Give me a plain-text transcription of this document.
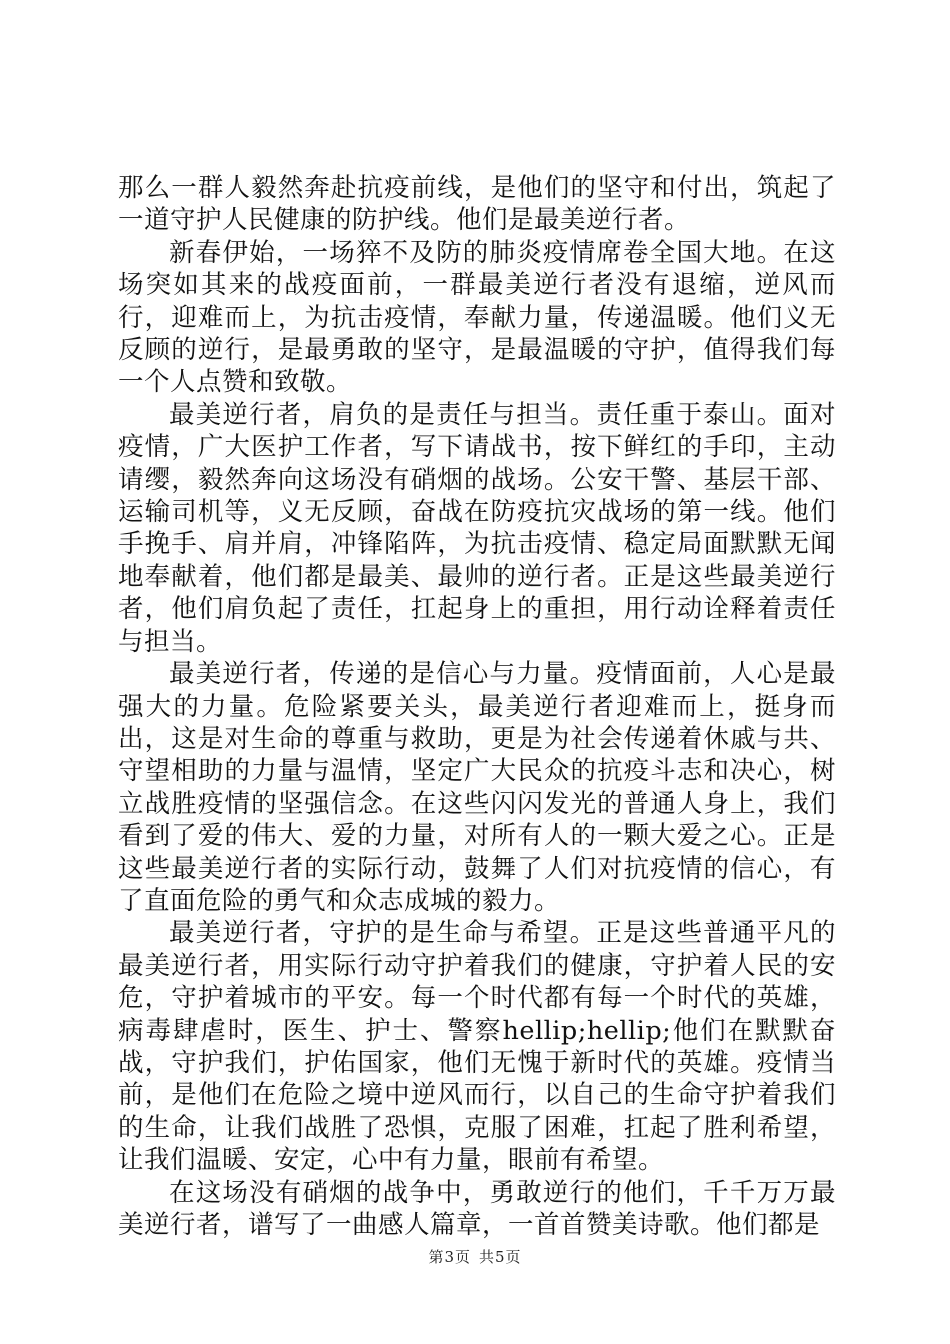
那么一群人毅然奔赴抗疫前线，是他们的坚守和付出，筑起了一道守护人民健康的防护线。他们是最美逆行者。

新春伊始，一场猝不及防的肺炎疫情席卷全国大地。在这场突如其来的战疫面前，一群最美逆行者没有退缩，逆风而行，迎难而上，为抗击疫情，奉献力量，传递温暖。他们义无反顾的逆行，是最勇敢的坚守，是最温暖的守护，值得我们每一个人点赞和致敬。

最美逆行者，肩负的是责任与担当。责任重于泰山。面对疫情，广大医护工作者，写下请战书，按下鲜红的手印，主动请缨，毅然奔向这场没有硝烟的战场。公安干警、基层干部、运输司机等，义无反顾，奋战在防疫抗灾战场的第一线。他们手挽手、肩并肩，冲锋陷阵，为抗击疫情、稳定局面默默无闻地奉献着，他们都是最美、最帅的逆行者。正是这些最美逆行者，他们肩负起了责任，扛起身上的重担，用行动诠释着责任与担当。

最美逆行者，传递的是信心与力量。疫情面前，人心是最强大的力量。危险紧要关头，最美逆行者迎难而上，挺身而出，这是对生命的尊重与救助，更是为社会传递着休戚与共、守望相助的力量与温情，坚定广大民众的抗疫斗志和决心，树立战胜疫情的坚强信念。在这些闪闪发光的普通人身上，我们看到了爱的伟大、爱的力量，对所有人的一颗大爱之心。正是这些最美逆行者的实际行动，鼓舞了人们对抗疫情的信心，有了直面危险的勇气和众志成城的毅力。

最美逆行者，守护的是生命与希望。正是这些普通平凡的最美逆行者，用实际行动守护着我们的健康，守护着人民的安危，守护着城市的平安。每一个时代都有每一个时代的英雄，病毒肆虐时，医生、护士、警察hellip;hellip;他们在默默奋战，守护我们，护佑国家，他们无愧于新时代的英雄。疫情当前，是他们在危险之境中逆风而行，以自己的生命守护着我们的生命，让我们战胜了恐惧，克服了困难，扛起了胜利希望，让我们温暖、安定，心中有力量，眼前有希望。

在这场没有硝烟的战争中，勇敢逆行的他们，千千万万最美逆行者，谱写了一曲感人篇章，一首首赞美诗歌。他们都是

第3页 共5页
